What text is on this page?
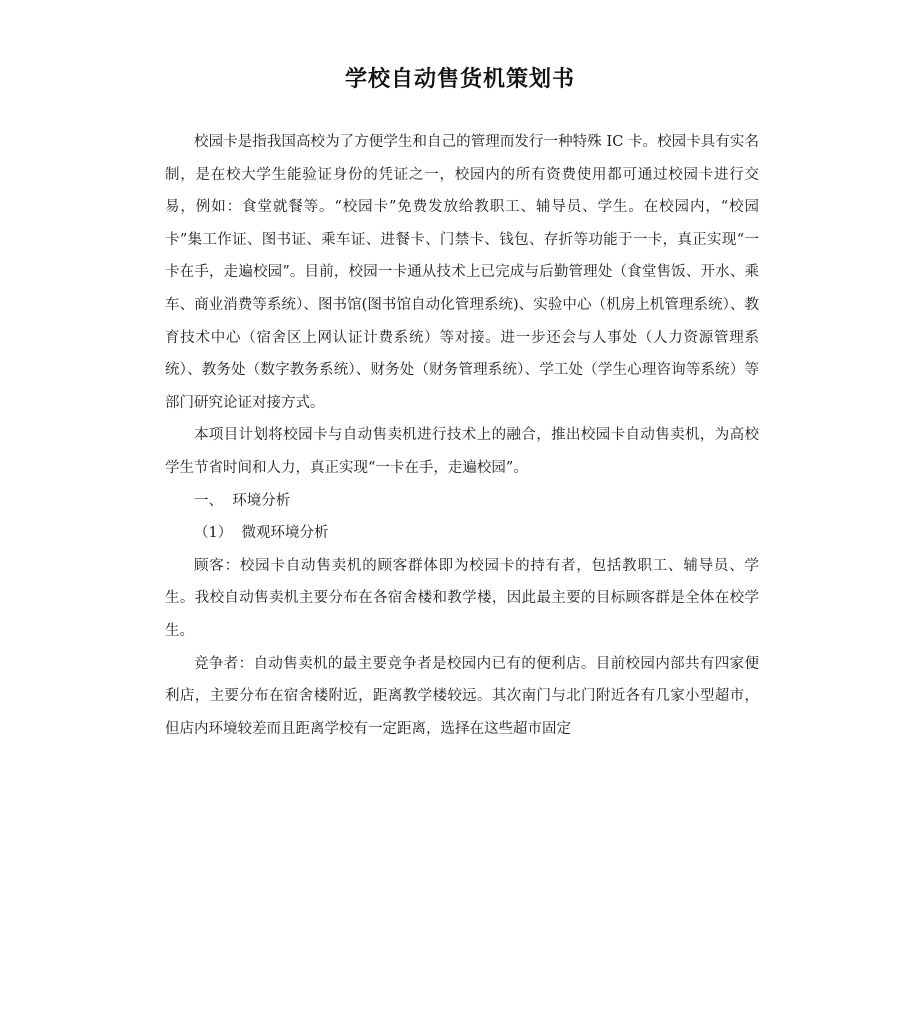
学校自动售货机策划书

校园卡是指我国高校为了方便学生和自己的管理而发行一种特殊 IC 卡。校园卡具有实名制，是在校大学生能验证身份的凭证之一，校园内的所有资费使用都可通过校园卡进行交易，例如：食堂就餐等。“校园卡”免费发放给教职工、辅导员、学生。在校园内，“校园卡”集工作证、图书证、乘车证、进餐卡、门禁卡、钱包、存折等功能于一卡，真正实现“一卡在手，走遍校园”。目前，校园一卡通从技术上已完成与后勤管理处（食堂售饭、开水、乘车、商业消费等系统）、图书馆(图书馆自动化管理系统)、实验中心（机房上机管理系统）、教育技术中心（宿舍区上网认证计费系统）等对接。进一步还会与人事处（人力资源管理系统）、教务处（数字教务系统）、财务处（财务管理系统）、学工处（学生心理咨询等系统）等部门研究论证对接方式。

本项目计划将校园卡与自动售卖机进行技术上的融合，推出校园卡自动售卖机，为高校学生节省时间和人力，真正实现“一卡在手，走遍校园”。

一、  环境分析

（1）  微观环境分析

顾客：校园卡自动售卖机的顾客群体即为校园卡的持有者，包括教职工、辅导员、学生。我校自动售卖机主要分布在各宿舍楼和教学楼，因此最主要的目标顾客群是全体在校学生。

竞争者：自动售卖机的最主要竞争者是校园内已有的便利店。目前校园内部共有四家便利店，主要分布在宿舍楼附近，距离教学楼较远。其次南门与北门附近各有几家小型超市，但店内环境较差而且距离学校有一定距离，选择在这些超市固定
